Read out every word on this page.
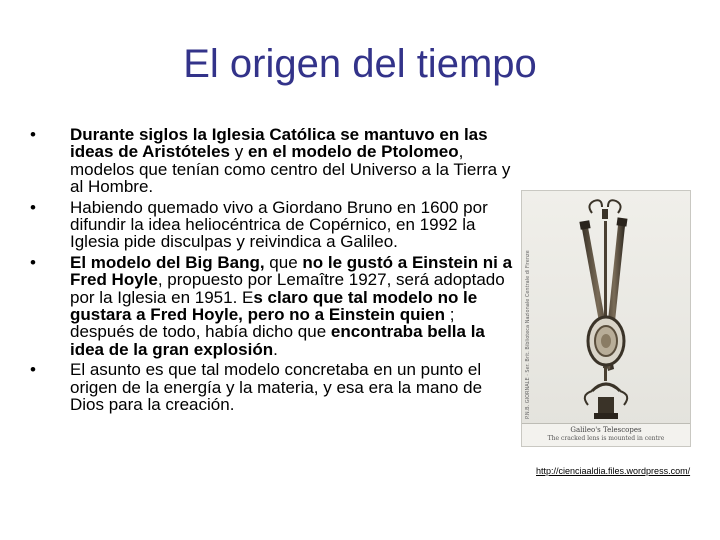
El origen del tiempo
• Durante siglos la Iglesia Católica se mantuvo en las ideas de Aristóteles y en el modelo de Ptolomeo, modelos que tenían como centro del Universo a la Tierra y al Hombre.
• Habiendo quemado vivo a Giordano Bruno en 1600 por difundir la idea heliocéntrica de Copérnico, en 1992 la Iglesia pide disculpas y reivindica a Galileo.
• El modelo del Big Bang, que no le gustó a Einstein ni a Fred Hoyle, propuesto por Lemaître 1927, será adoptado por la Iglesia en 1951. Es claro que tal modelo no le gustara a Fred Hoyle, pero no a Einstein quien ; después de todo, había dicho que encontraba bella la idea de la gran explosión.
• El asunto es que tal modelo concretaba en un punto el origen de la energía y la materia, y esa era la mano de Dios para la creación.	P.N.B. GIORNALE · Ser. Brit. Biblioteca Nazionale Centrale di Firenze
Galileo's Telescopes
The cracked lens is mounted in centre
http://cienciaaldia.files.wordpress.com/
